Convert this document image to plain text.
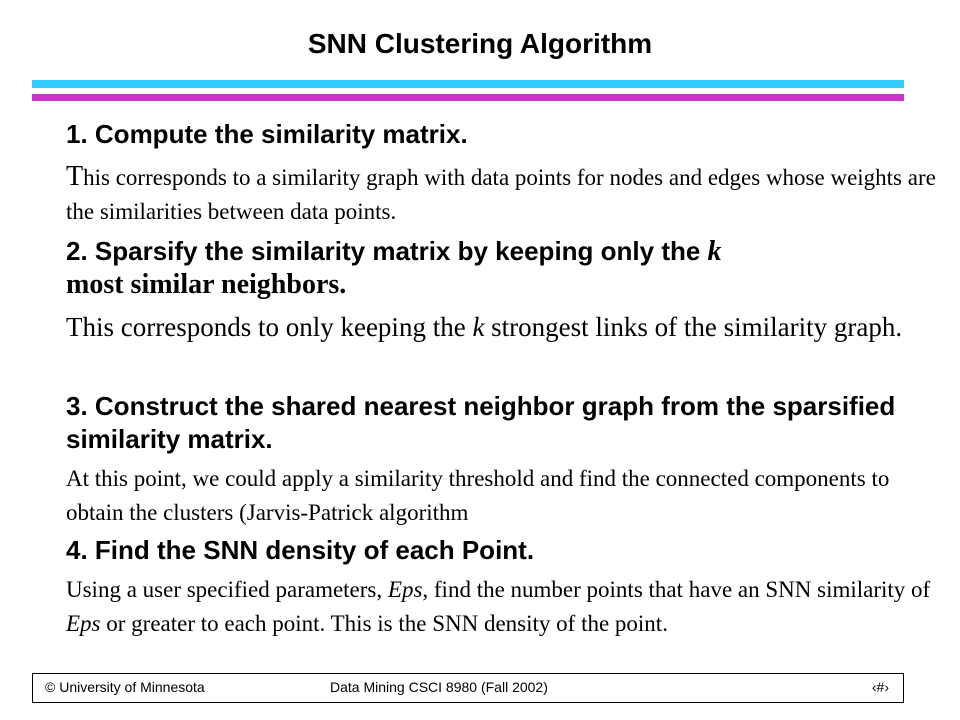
SNN Clustering Algorithm

1. Compute the similarity matrix.

This corresponds to a similarity graph with data points for nodes and edges whose weights are the similarities between data points.

2. Sparsify the similarity matrix by keeping only the k
most similar neighbors.

This corresponds to only keeping the k strongest links of the similarity graph.

3. Construct the shared nearest neighbor graph from the sparsified similarity matrix.

At this point, we could apply a similarity threshold and find the connected components to obtain the clusters (Jarvis-Patrick algorithm

4. Find the SNN density of each Point.

Using a user specified parameters, Eps, find the number points that have an SNN similarity of Eps or greater to each point. This is the SNN density of the point.

© University of Minnesota	Data Mining CSCI 8980 (Fall 2002)	‹#›
